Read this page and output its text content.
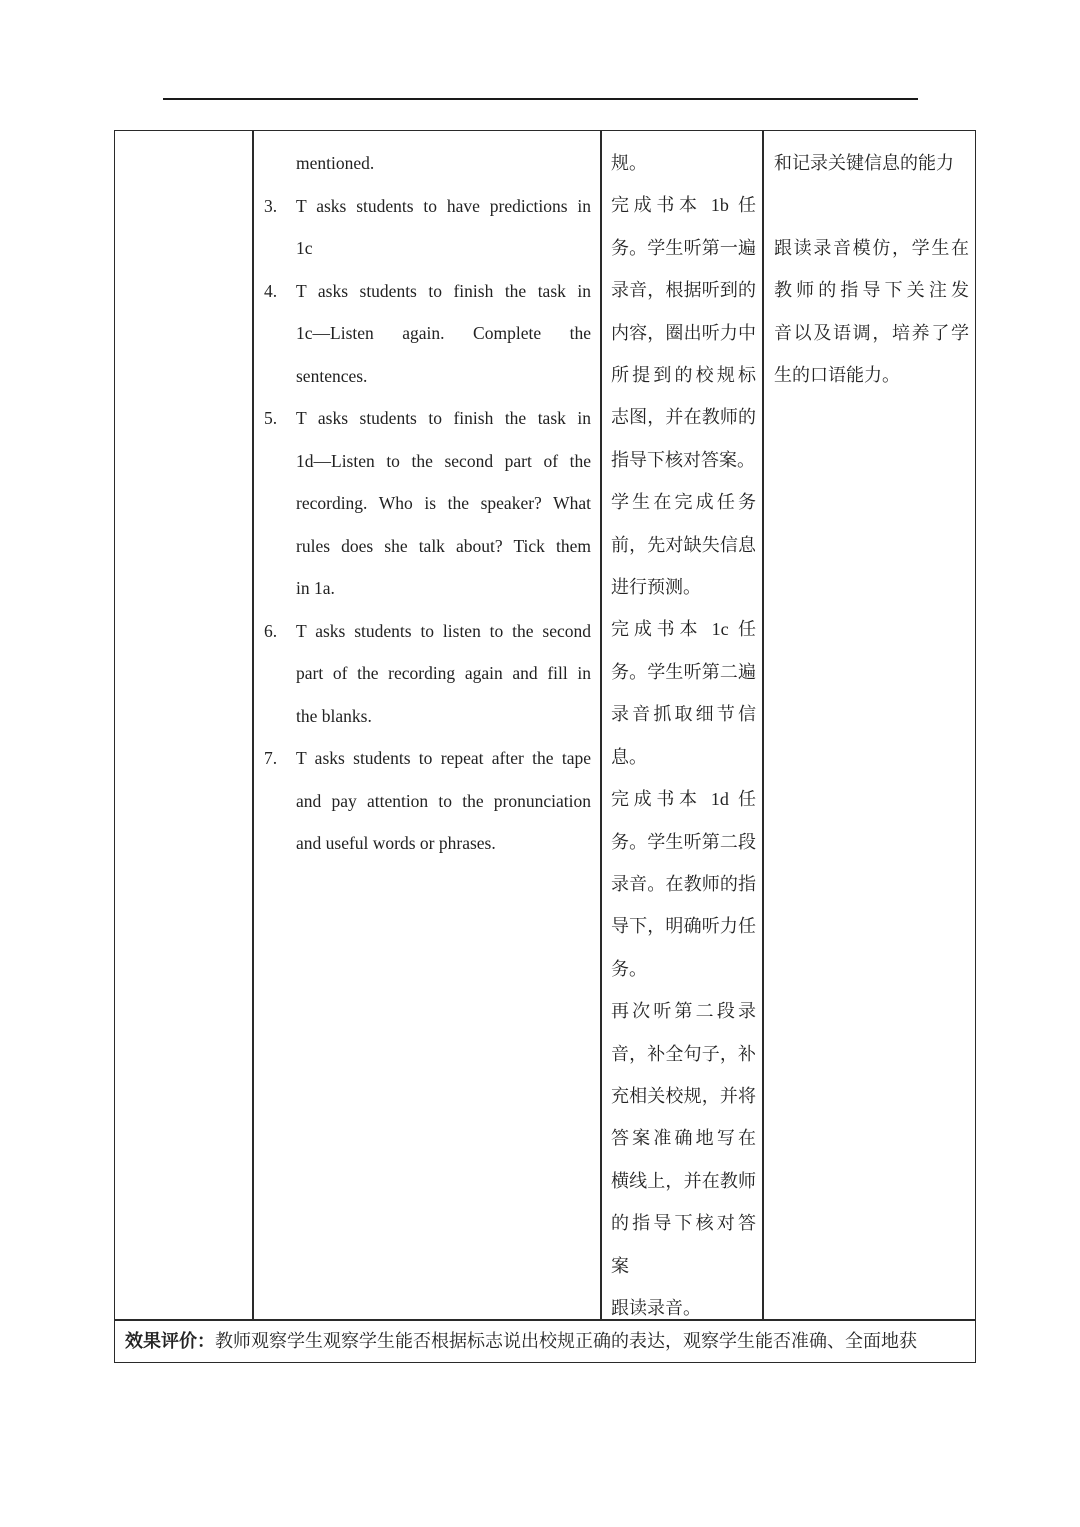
mentioned.
3. T asks students to have predictions in
1c
4. T asks students to finish the task in
1c—Listen again. Complete the
sentences.
5. T asks students to finish the task in
1d—Listen to the second part of the
recording. Who is the speaker? What
rules does she talk about? Tick them
in 1a.
6. T asks students to listen to the second
part of the recording again and fill in
the blanks.
7. T asks students to repeat after the tape
and pay attention to the pronunciation
and useful words or phrases.
规。
完成书本 1b 任
务。学生听第一遍
录音，根据听到的
内容，圈出听力中
所提到的校规标
志图，并在教师的
指导下核对答案。
学生在完成任务
前，先对缺失信息
进行预测。
完成书本 1c 任
务。学生听第二遍
录音抓取细节信
息。
完成书本 1d 任
务。学生听第二段
录音。在教师的指
导下，明确听力任
务。
再次听第二段录
音，补全句子，补
充相关校规，并将
答案准确地写在
横线上，并在教师
的指导下核对答
案
跟读录音。
和记录关键信息的能力
跟读录音模仿，学生在
教师的指导下关注发
音以及语调，培养了学
生的口语能力。
效果评价：教师观察学生观察学生能否根据标志说出校规正确的表达，观察学生能否准确、全面地获
